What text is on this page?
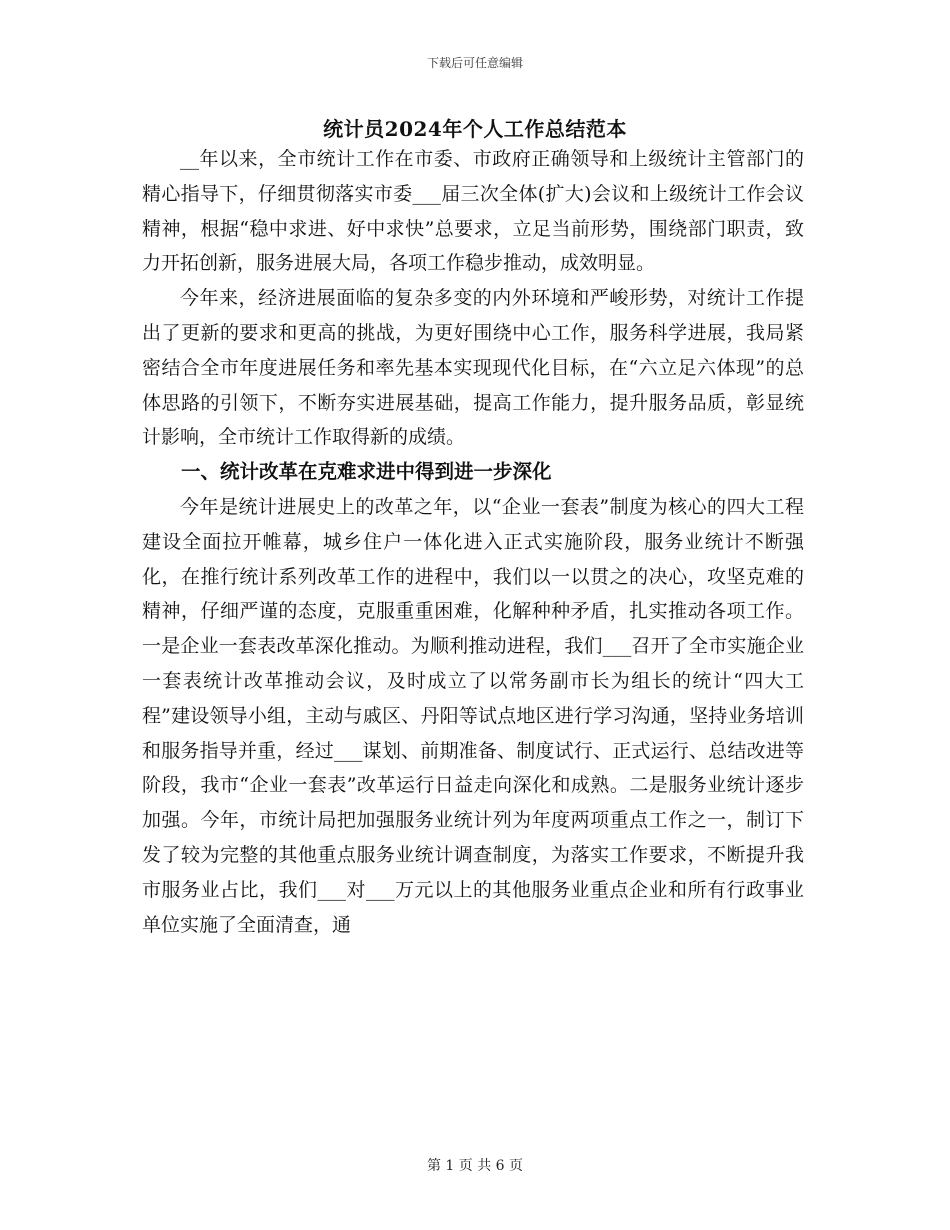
下载后可任意编辑
统计员2024年个人工作总结范本

__年以来，全市统计工作在市委、市政府正确领导和上级统计主管部门的精心指导下，仔细贯彻落实市委___届三次全体(扩大)会议和上级统计工作会议精神，根据“稳中求进、好中求快”总要求，立足当前形势，围绕部门职责，致力开拓创新，服务进展大局，各项工作稳步推动，成效明显。

今年来，经济进展面临的复杂多变的内外环境和严峻形势，对统计工作提出了更新的要求和更高的挑战，为更好围绕中心工作，服务科学进展，我局紧密结合全市年度进展任务和率先基本实现现代化目标，在“六立足六体现”的总体思路的引领下，不断夯实进展基础，提高工作能力，提升服务品质，彰显统计影响，全市统计工作取得新的成绩。

一、统计改革在克难求进中得到进一步深化

今年是统计进展史上的改革之年，以“企业一套表”制度为核心的四大工程建设全面拉开帷幕，城乡住户一体化进入正式实施阶段，服务业统计不断强化，在推行统计系列改革工作的进程中，我们以一以贯之的决心，攻坚克难的精神，仔细严谨的态度，克服重重困难，化解种种矛盾，扎实推动各项工作。一是企业一套表改革深化推动。为顺利推动进程，我们___召开了全市实施企业一套表统计改革推动会议，及时成立了以常务副市长为组长的统计“四大工程”建设领导小组，主动与戚区、丹阳等试点地区进行学习沟通，坚持业务培训和服务指导并重，经过___谋划、前期准备、制度试行、正式运行、总结改进等阶段，我市“企业一套表”改革运行日益走向深化和成熟。二是服务业统计逐步加强。今年，市统计局把加强服务业统计列为年度两项重点工作之一，制订下发了较为完整的其他重点服务业统计调查制度，为落实工作要求，不断提升我市服务业占比，我们___对___万元以上的其他服务业重点企业和所有行政事业单位实施了全面清查，通

第 1 页 共 6 页
